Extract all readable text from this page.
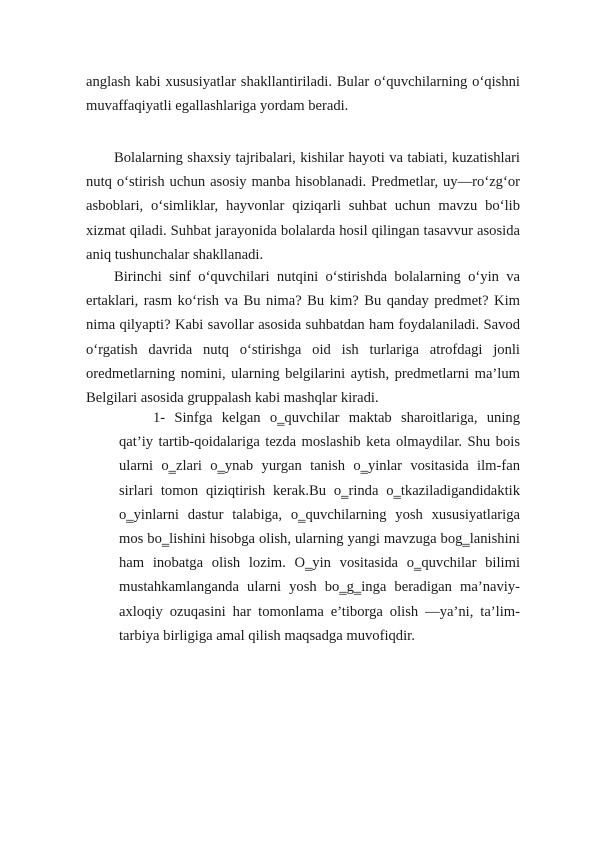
anglash kabi xususiyatlar shakllantiriladi. Bular oʻquvchilarning oʻqishni muvaffaqiyatli egallashlariga yordam beradi.

Bolalarning shaxsiy tajribalari, kishilar hayoti va tabiati, kuzatishlari nutq oʻstirish uchun asosiy manba hisoblanadi. Predmetlar, uy—roʻzgʻor asboblari, oʻsimliklar, hayvonlar qiziqarli suhbat uchun mavzu boʻlib xizmat qiladi. Suhbat jarayonida bolalarda hosil qilingan tasavvur asosida aniq tushunchalar shakllanadi.

Birinchi sinf oʻquvchilari nutqini oʻstirishda bolalarning oʻyin va ertaklari, rasm koʻrish va Bu nima? Bu kim? Bu qanday predmet? Kim nima qilyapti? Kabi savollar asosida suhbatdan ham foydalaniladi. Savod oʻrgatish davrida nutq oʻstirishga oid ish turlariga atrofdagi jonli oredmetlarning nomini, ularning belgilarini aytish, predmetlarni ma’lum Belgilari asosida gruppalash kabi mashqlar kiradi.

1- Sinfga kelgan o‗quvchilar maktab sharoitlariga, uning qat’iy tartib-qoidalariga tezda moslashib keta olmaydilar. Shu bois ularni o‗zlari o‗ynab yurgan tanish o‗yinlar vositasida ilm-fan sirlari tomon qiziqtirish kerak.Bu o‗rinda o‗tkaziladigandidaktik o‗yinlarni dastur talabiga, o‗quvchilarning yosh xususiyatlariga mos bo‗lishini hisobga olish, ularning yangi mavzuga bog‗lanishini ham inobatga olish lozim. O‗yin vositasida o‗quvchilar bilimi mustahkamlanganda ularni yosh bo‗g‗inga beradigan ma’naviy-axloqiy ozuqasini har tomonlama e’tiborga olish —ya’ni, ta’lim-tarbiya birligiga amal qilish maqsadga muvofiqdir.
